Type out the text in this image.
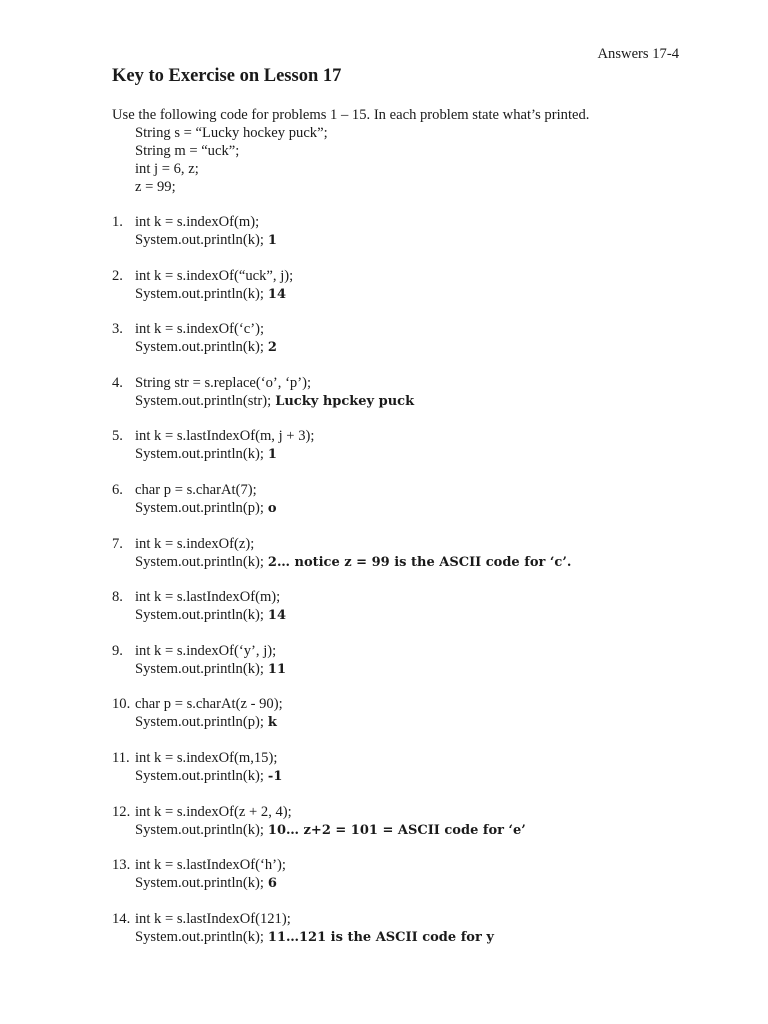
Answers 17-4
Key to Exercise on Lesson 17
Use the following code for problems 1 – 15. In each problem state what’s printed.
String s = “Lucky hockey puck”;
String m = “uck”;
int j = 6, z;
z = 99;
1. int k = s.indexOf(m);
System.out.println(k); 1
2. int k = s.indexOf(“uck”, j);
System.out.println(k); 14
3. int k = s.indexOf(‘c’);
System.out.println(k); 2
4. String str = s.replace(‘o’, ‘p’);
System.out.println(str); Lucky hpckey puck
5. int k = s.lastIndexOf(m, j + 3);
System.out.println(k); 1
6. char p = s.charAt(7);
System.out.println(p); o
7. int k = s.indexOf(z);
System.out.println(k); 2… notice z = 99 is the ASCII code for ‘c’.
8. int k = s.lastIndexOf(m);
System.out.println(k); 14
9. int k = s.indexOf(‘y’, j);
System.out.println(k); 11
10. char p = s.charAt(z - 90);
System.out.println(p); k
11. int k = s.indexOf(m,15);
System.out.println(k); -1
12. int k = s.indexOf(z + 2, 4);
System.out.println(k); 10… z+2 = 101 = ASCII code for ‘e’
13. int k = s.lastIndexOf(‘h’);
System.out.println(k); 6
14. int k = s.lastIndexOf(121);
System.out.println(k); 11…121 is the ASCII code for y
